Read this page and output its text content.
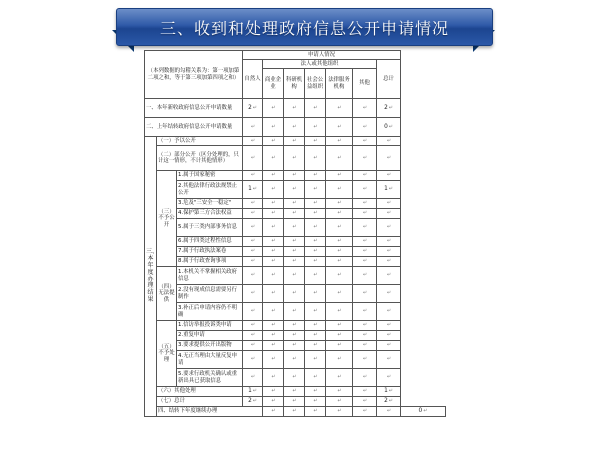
三、收到和处理政府信息公开申请情况
（本列数据的勾稽关系为：第一项加第二项之和，等于第三项加第四项之和）			申请人情况							
			自然人	法人或其他组织					总计	
				商业企业	科研机构	社会公益组织	法律服务机构	其他		
一、本年新收政府信息公开申请数量			2↵	↵	↵	↵	↵	↵	2↵	
二、上年结转政府信息公开申请数量			↵	↵	↵	↵	↵	↵	0↵	
三、本年度办理结果	（一）予以公开		↵	↵	↵	↵	↵	↵	↵	
	（二）部分公开（区分处理的，只计这一情形，不计其他情形）		↵	↵	↵	↵	↵	↵	↵	
	（三）不予公开	1.属于国家秘密	↵	↵	↵	↵	↵	↵	↵	
		2.其他法律行政法规禁止公开	1↵	↵	↵	↵	↵	↵	1↵	
		3.危及"三安全一稳定"	↵	↵	↵	↵	↵	↵	↵	
		4.保护第三方合法权益	↵	↵	↵	↵	↵	↵	↵	
		5.属于三类内部事务信息	↵	↵	↵	↵	↵	↵	↵	
		6.属于四类过程性信息	↵	↵	↵	↵	↵	↵	↵	
		7.属于行政执法案卷	↵	↵	↵	↵	↵	↵	↵	
		8.属于行政查询事项	↵	↵	↵	↵	↵	↵	↵	
	（四）无法提供	1.本机关不掌握相关政府信息	↵	↵	↵	↵	↵	↵	↵	
		2.没有现成信息需要另行制作	↵	↵	↵	↵	↵	↵	↵	
		3.补正后申请内容仍不明确	↵	↵	↵	↵	↵	↵	↵	
	（五）不予处理	1.信访举报投诉类申请	↵	↵	↵	↵	↵	↵	↵	
		2.重复申请	↵	↵	↵	↵	↵	↵	↵	
		3.要求提供公开出版物	↵	↵	↵	↵	↵	↵	↵	
		4.无正当理由大量反复申请	↵	↵	↵	↵	↵	↵	↵	
		5.要求行政机关确认或重新出具已获取信息	↵	↵	↵	↵	↵	↵	↵	
	（六）其他处理		1↵	↵	↵	↵	↵	↵	1↵	
	（七）总计		2↵	↵	↵	↵	↵	↵	2↵	
	四、结转下年度继续办理			↵	↵	↵	↵	↵	↵	0↵
